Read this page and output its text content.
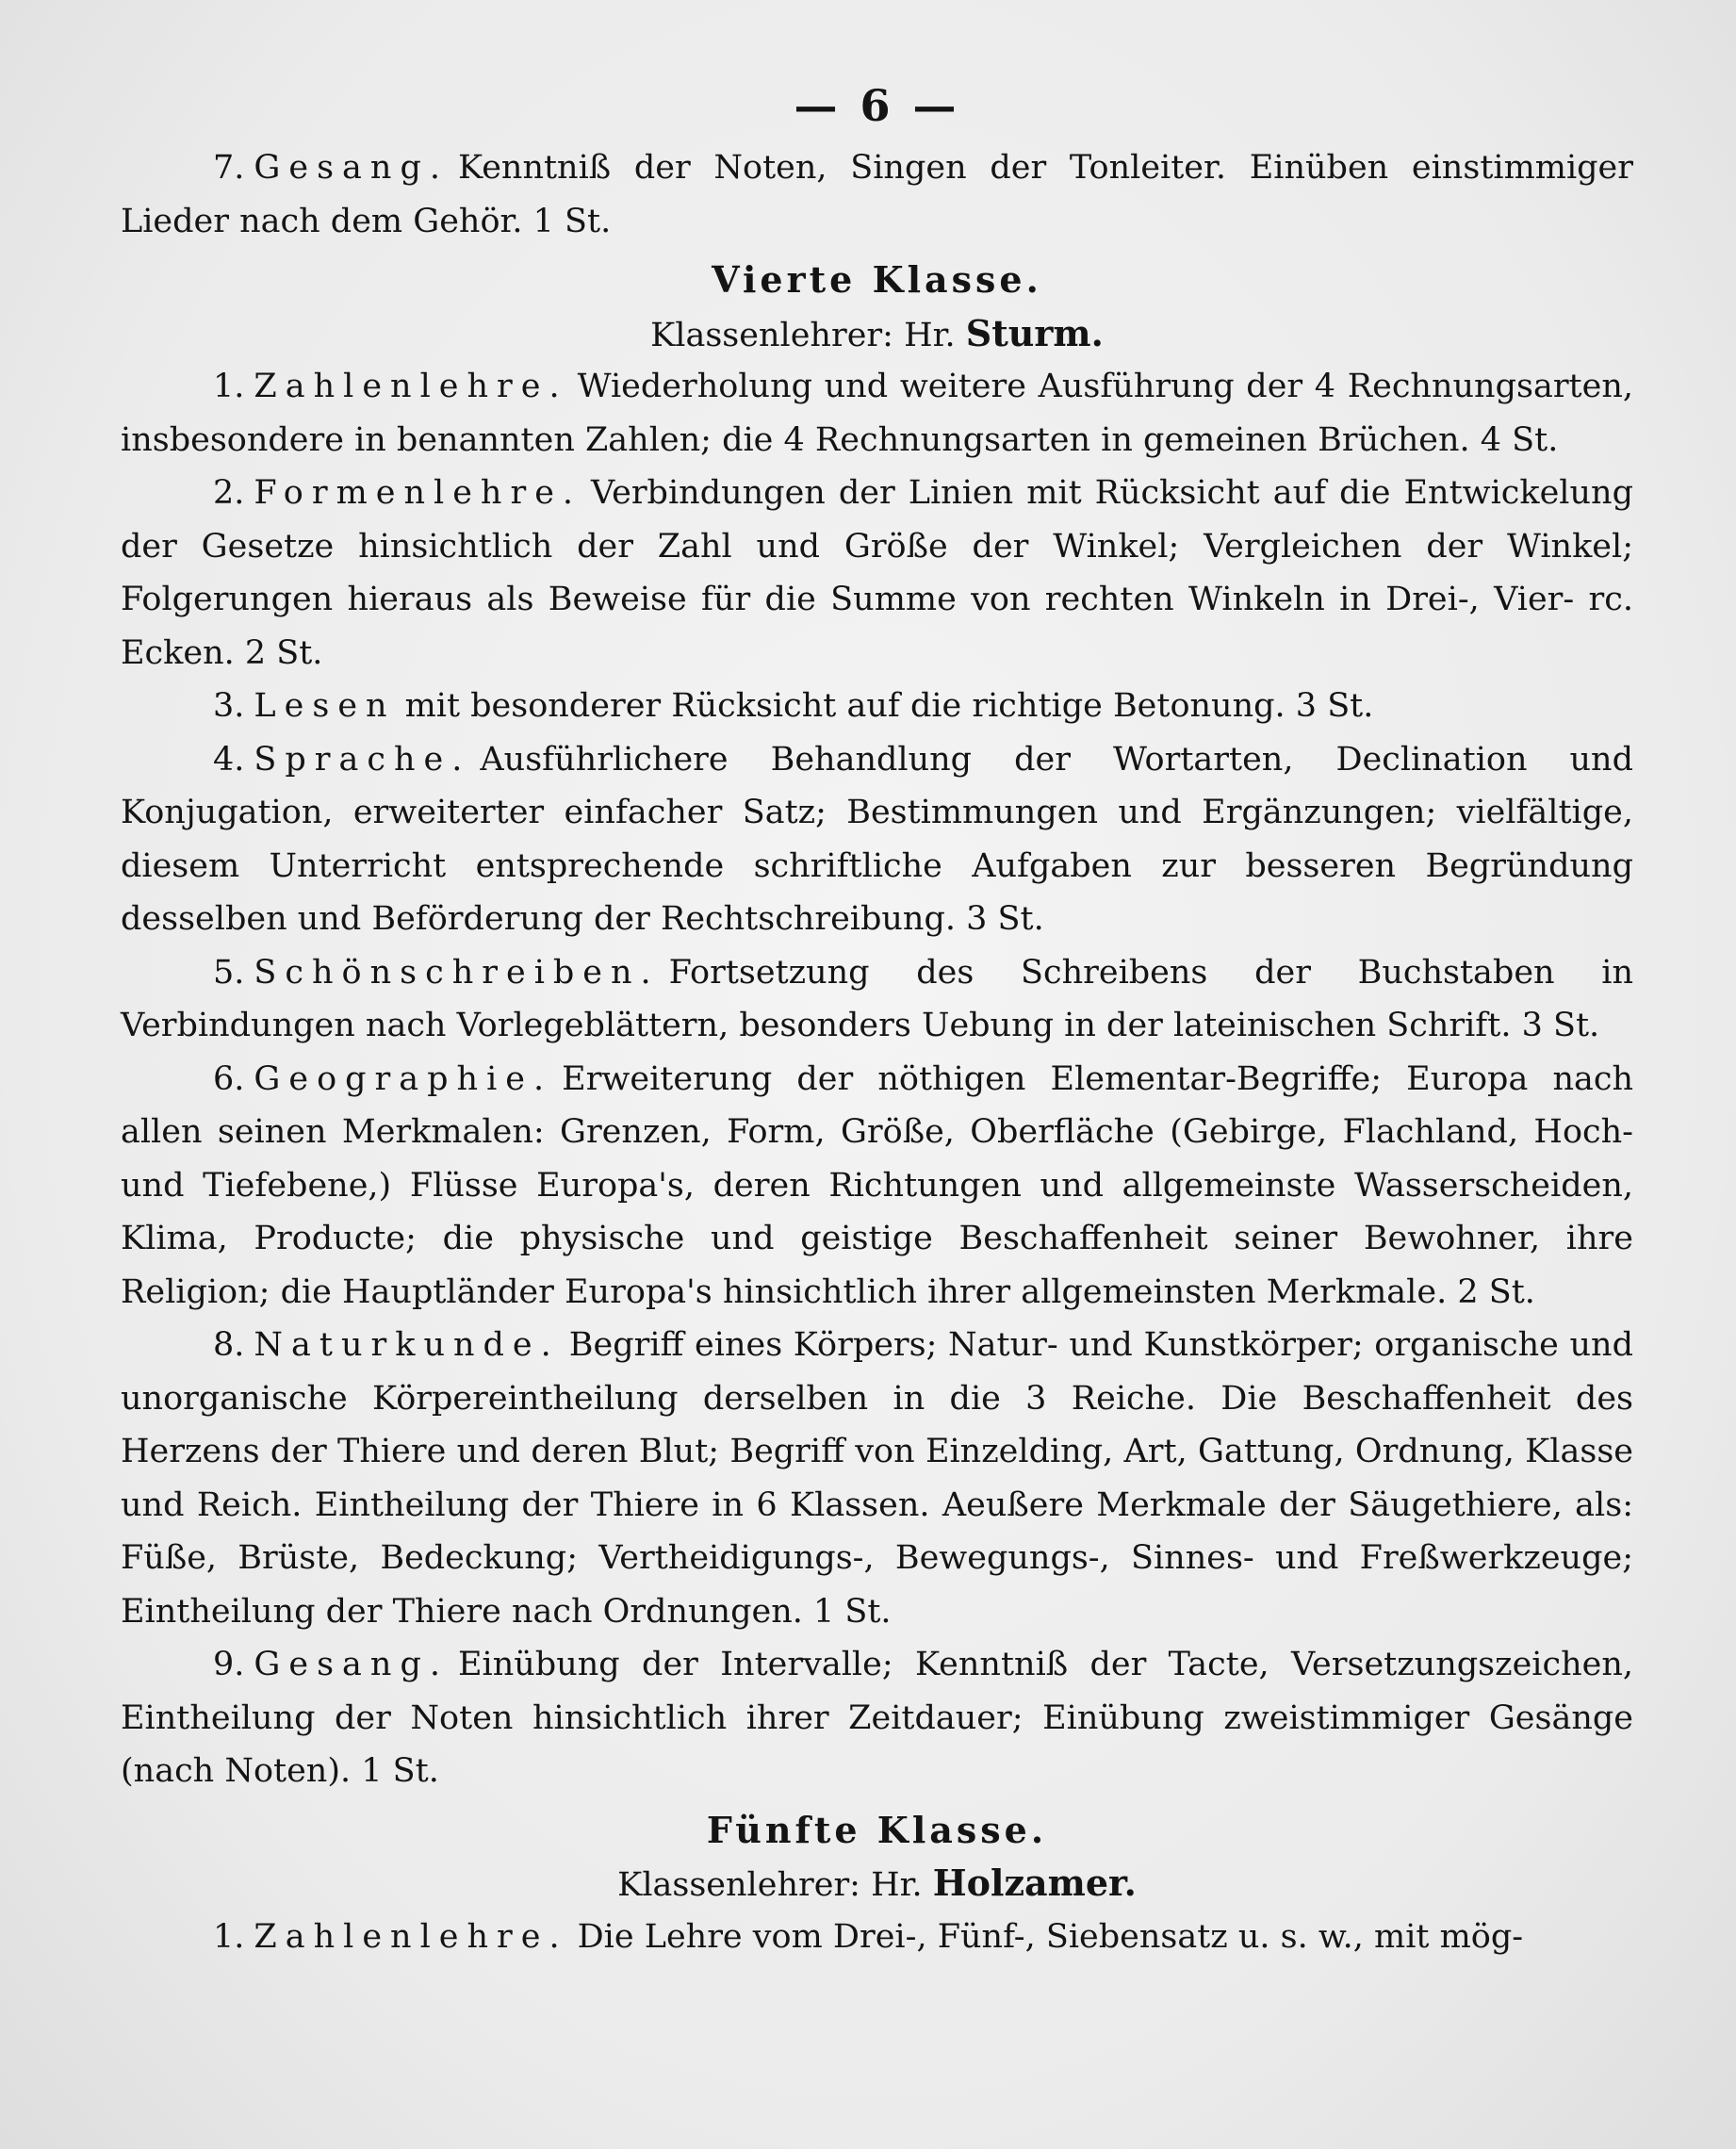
— 6 —

7. Gesang. Kenntniß der Noten, Singen der Tonleiter. Einüben einstimmiger Lieder nach dem Gehör. 1 St.

Vierte Klasse.
Klassenlehrer: Hr. Sturm.

1. Zahlenlehre. Wiederholung und weitere Ausführung der 4 Rechnungsarten, insbesondere in benannten Zahlen; die 4 Rechnungsarten in gemeinen Brüchen. 4 St.

2. Formenlehre. Verbindungen der Linien mit Rücksicht auf die Entwickelung der Gesetze hinsichtlich der Zahl und Größe der Winkel; Vergleichen der Winkel; Folgerungen hieraus als Beweise für die Summe von rechten Winkeln in Drei-, Vier- rc. Ecken. 2 St.

3. Lesen mit besonderer Rücksicht auf die richtige Betonung. 3 St.

4. Sprache. Ausführlichere Behandlung der Wortarten, Declination und Konjugation, erweiterter einfacher Satz; Bestimmungen und Ergänzungen; vielfältige, diesem Unterricht entsprechende schriftliche Aufgaben zur besseren Begründung desselben und Beförderung der Rechtschreibung. 3 St.

5. Schönschreiben. Fortsetzung des Schreibens der Buchstaben in Verbindungen nach Vorlegeblättern, besonders Uebung in der lateinischen Schrift. 3 St.

6. Geographie. Erweiterung der nöthigen Elementar-Begriffe; Europa nach allen seinen Merkmalen: Grenzen, Form, Größe, Oberfläche (Gebirge, Flachland, Hoch- und Tiefebene,) Flüsse Europa's, deren Richtungen und allgemeinste Wasserscheiden, Klima, Producte; die physische und geistige Beschaffenheit seiner Bewohner, ihre Religion; die Hauptländer Europa's hinsichtlich ihrer allgemeinsten Merkmale. 2 St.

8. Naturkunde. Begriff eines Körpers; Natur- und Kunstkörper; organische und unorganische Körpereintheilung derselben in die 3 Reiche. Die Beschaffenheit des Herzens der Thiere und deren Blut; Begriff von Einzelding, Art, Gattung, Ordnung, Klasse und Reich. Eintheilung der Thiere in 6 Klassen. Aeußere Merkmale der Säugethiere, als: Füße, Brüste, Bedeckung; Vertheidigungs-, Bewegungs-, Sinnes- und Freßwerkzeuge; Eintheilung der Thiere nach Ordnungen. 1 St.

9. Gesang. Einübung der Intervalle; Kenntniß der Tacte, Versetzungszeichen, Eintheilung der Noten hinsichtlich ihrer Zeitdauer; Einübung zweistimmiger Gesänge (nach Noten). 1 St.

Fünfte Klasse.
Klassenlehrer: Hr. Holzamer.

1. Zahlenlehre. Die Lehre vom Drei-, Fünf-, Siebensatz u. s. w., mit mög-
